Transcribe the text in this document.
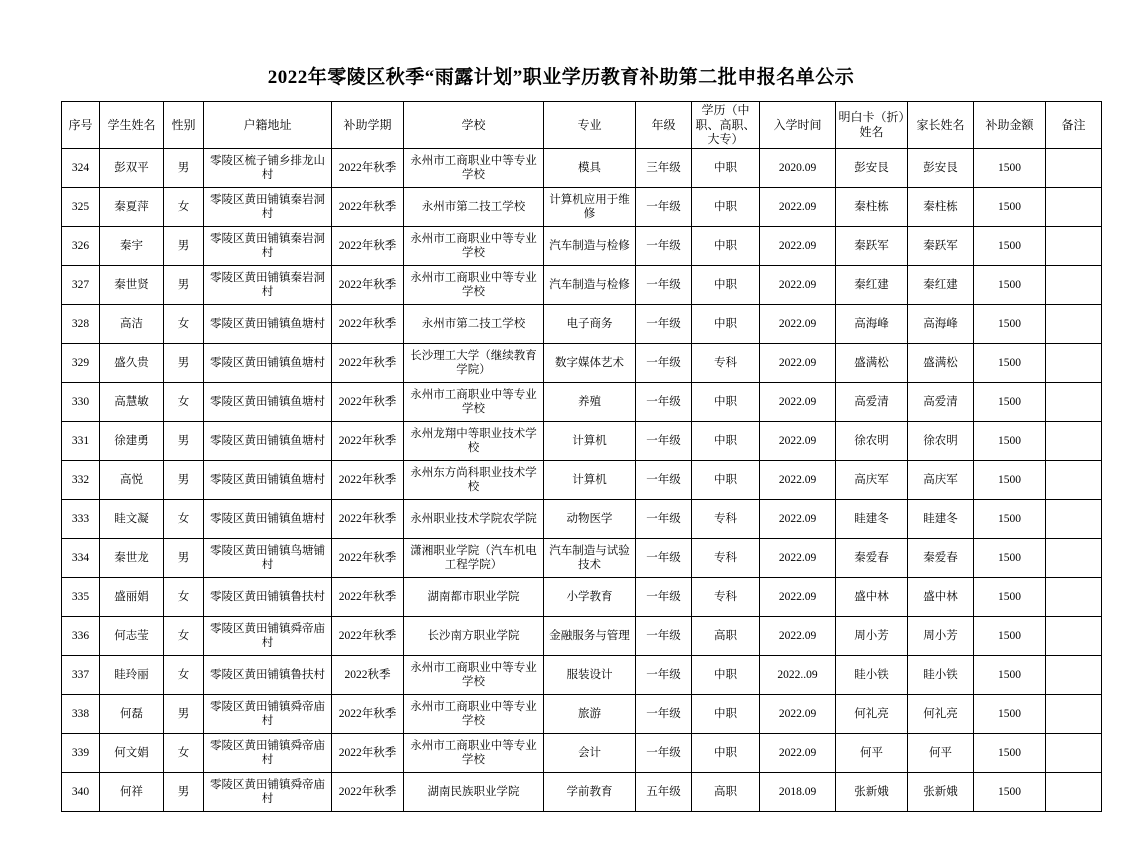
2022年零陵区秋季“雨露计划”职业学历教育补助第二批申报名单公示
序号	学生姓名	性别	户籍地址	补助学期	学校	专业	年级	学历（中职、高职、大专）	入学时间	明白卡（折）姓名	家长姓名	补助金额	备注
324	彭双平	男	零陵区梳子铺乡排龙山村	2022年秋季	永州市工商职业中等专业学校	模具	三年级	中职	2020.09	彭安艮	彭安艮	1500	
325	秦夏萍	女	零陵区黄田铺镇秦岩洞村	2022年秋季	永州市第二技工学校	计算机应用于维修	一年级	中职	2022.09	秦柱栋	秦柱栋	1500	
326	秦宇	男	零陵区黄田铺镇秦岩洞村	2022年秋季	永州市工商职业中等专业学校	汽车制造与检修	一年级	中职	2022.09	秦跃军	秦跃军	1500	
327	秦世贤	男	零陵区黄田铺镇秦岩洞村	2022年秋季	永州市工商职业中等专业学校	汽车制造与检修	一年级	中职	2022.09	秦红建	秦红建	1500	
328	高洁	女	零陵区黄田铺镇鱼塘村	2022年秋季	永州市第二技工学校	电子商务	一年级	中职	2022.09	高海峰	高海峰	1500	
329	盛久贵	男	零陵区黄田铺镇鱼塘村	2022年秋季	长沙理工大学（继续教育学院）	数字媒体艺术	一年级	专科	2022.09	盛满松	盛满松	1500	
330	高慧敏	女	零陵区黄田铺镇鱼塘村	2022年秋季	永州市工商职业中等专业学校	养殖	一年级	中职	2022.09	高爱清	高爱清	1500	
331	徐建勇	男	零陵区黄田铺镇鱼塘村	2022年秋季	永州龙翔中等职业技术学校	计算机	一年级	中职	2022.09	徐农明	徐农明	1500	
332	高悦	男	零陵区黄田铺镇鱼塘村	2022年秋季	永州东方尚科职业技术学校	计算机	一年级	中职	2022.09	高庆军	高庆军	1500	
333	眭文凝	女	零陵区黄田铺镇鱼塘村	2022年秋季	永州职业技术学院农学院	动物医学	一年级	专科	2022.09	眭建冬	眭建冬	1500	
334	秦世龙	男	零陵区黄田铺镇鸟塘铺村	2022年秋季	潇湘职业学院（汽车机电工程学院）	汽车制造与试验技术	一年级	专科	2022.09	秦爱春	秦爱春	1500	
335	盛丽娟	女	零陵区黄田铺镇鲁扶村	2022年秋季	湖南都市职业学院	小学教育	一年级	专科	2022.09	盛中林	盛中林	1500	
336	何志莹	女	零陵区黄田铺镇舜帝庙村	2022年秋季	长沙南方职业学院	金融服务与管理	一年级	高职	2022.09	周小芳	周小芳	1500	
337	眭玲丽	女	零陵区黄田铺镇鲁扶村	2022秋季	永州市工商职业中等专业学校	服装设计	一年级	中职	2022..09	眭小铁	眭小铁	1500	
338	何磊	男	零陵区黄田铺镇舜帝庙村	2022年秋季	永州市工商职业中等专业学校	旅游	一年级	中职	2022.09	何礼亮	何礼亮	1500	
339	何文娟	女	零陵区黄田铺镇舜帝庙村	2022年秋季	永州市工商职业中等专业学校	会计	一年级	中职	2022.09	何平	何平	1500	
340	何祥	男	零陵区黄田铺镇舜帝庙村	2022年秋季	湖南民族职业学院	学前教育	五年级	高职	2018.09	张新娥	张新娥	1500	
